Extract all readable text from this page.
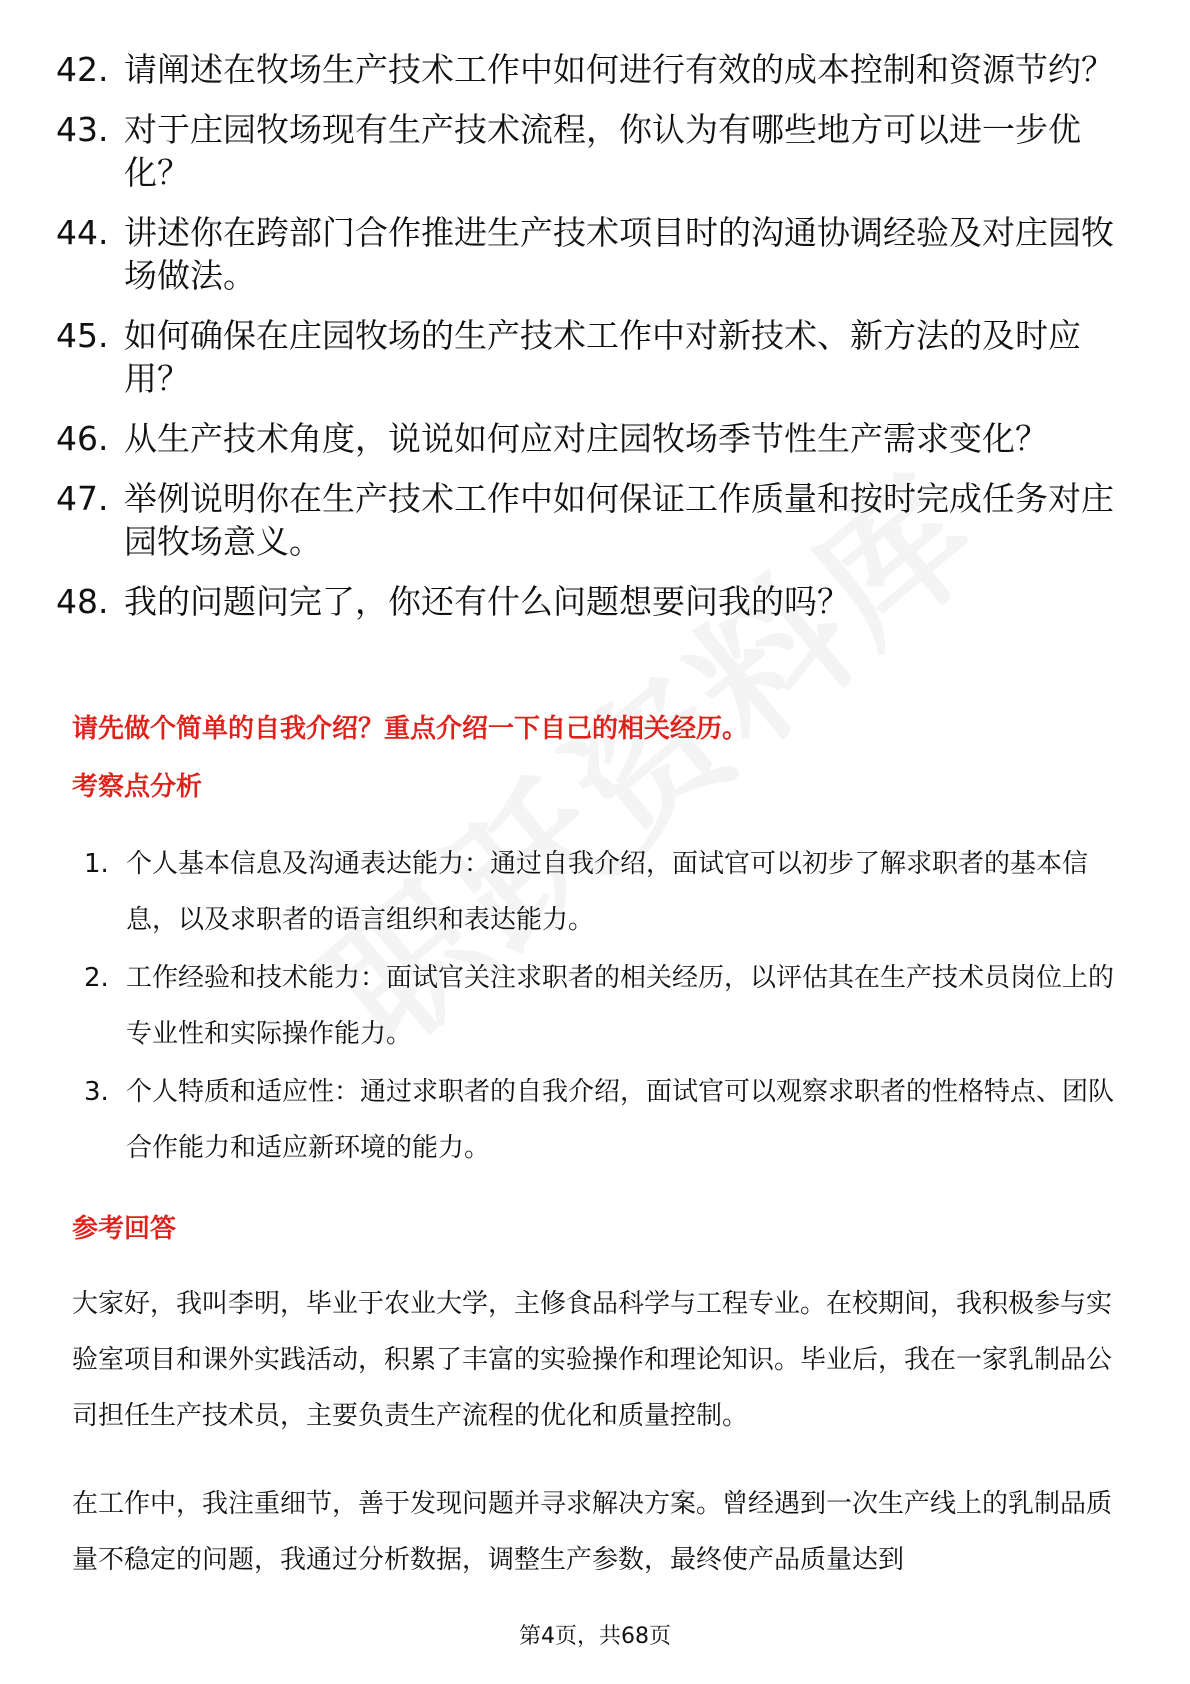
42. 请阐述在牧场生产技术工作中如何进行有效的成本控制和资源节约？
43. 对于庄园牧场现有生产技术流程，你认为有哪些地方可以进一步优化？
44. 讲述你在跨部门合作推进生产技术项目时的沟通协调经验及对庄园牧场做法。
45. 如何确保在庄园牧场的生产技术工作中对新技术、新方法的及时应用？
46. 从生产技术角度，说说如何应对庄园牧场季节性生产需求变化？
47. 举例说明你在生产技术工作中如何保证工作质量和按时完成任务对庄园牧场意义。
48. 我的问题问完了，你还有什么问题想要问我的吗？
请先做个简单的自我介绍？重点介绍一下自己的相关经历。
考察点分析
1. 个人基本信息及沟通表达能力：通过自我介绍，面试官可以初步了解求职者的基本信息，以及求职者的语言组织和表达能力。
2. 工作经验和技术能力：面试官关注求职者的相关经历，以评估其在生产技术员岗位上的专业性和实际操作能力。
3. 个人特质和适应性：通过求职者的自我介绍，面试官可以观察求职者的性格特点、团队合作能力和适应新环境的能力。
参考回答

大家好，我叫李明，毕业于农业大学，主修食品科学与工程专业。在校期间，我积极参与实验室项目和课外实践活动，积累了丰富的实验操作和理论知识。毕业后，我在一家乳制品公司担任生产技术员，主要负责生产流程的优化和质量控制。

在工作中，我注重细节，善于发现问题并寻求解决方案。曾经遇到一次生产线上的乳制品质量不稳定的问题，我通过分析数据，调整生产参数，最终使产品质量达到

第4页，共68页
